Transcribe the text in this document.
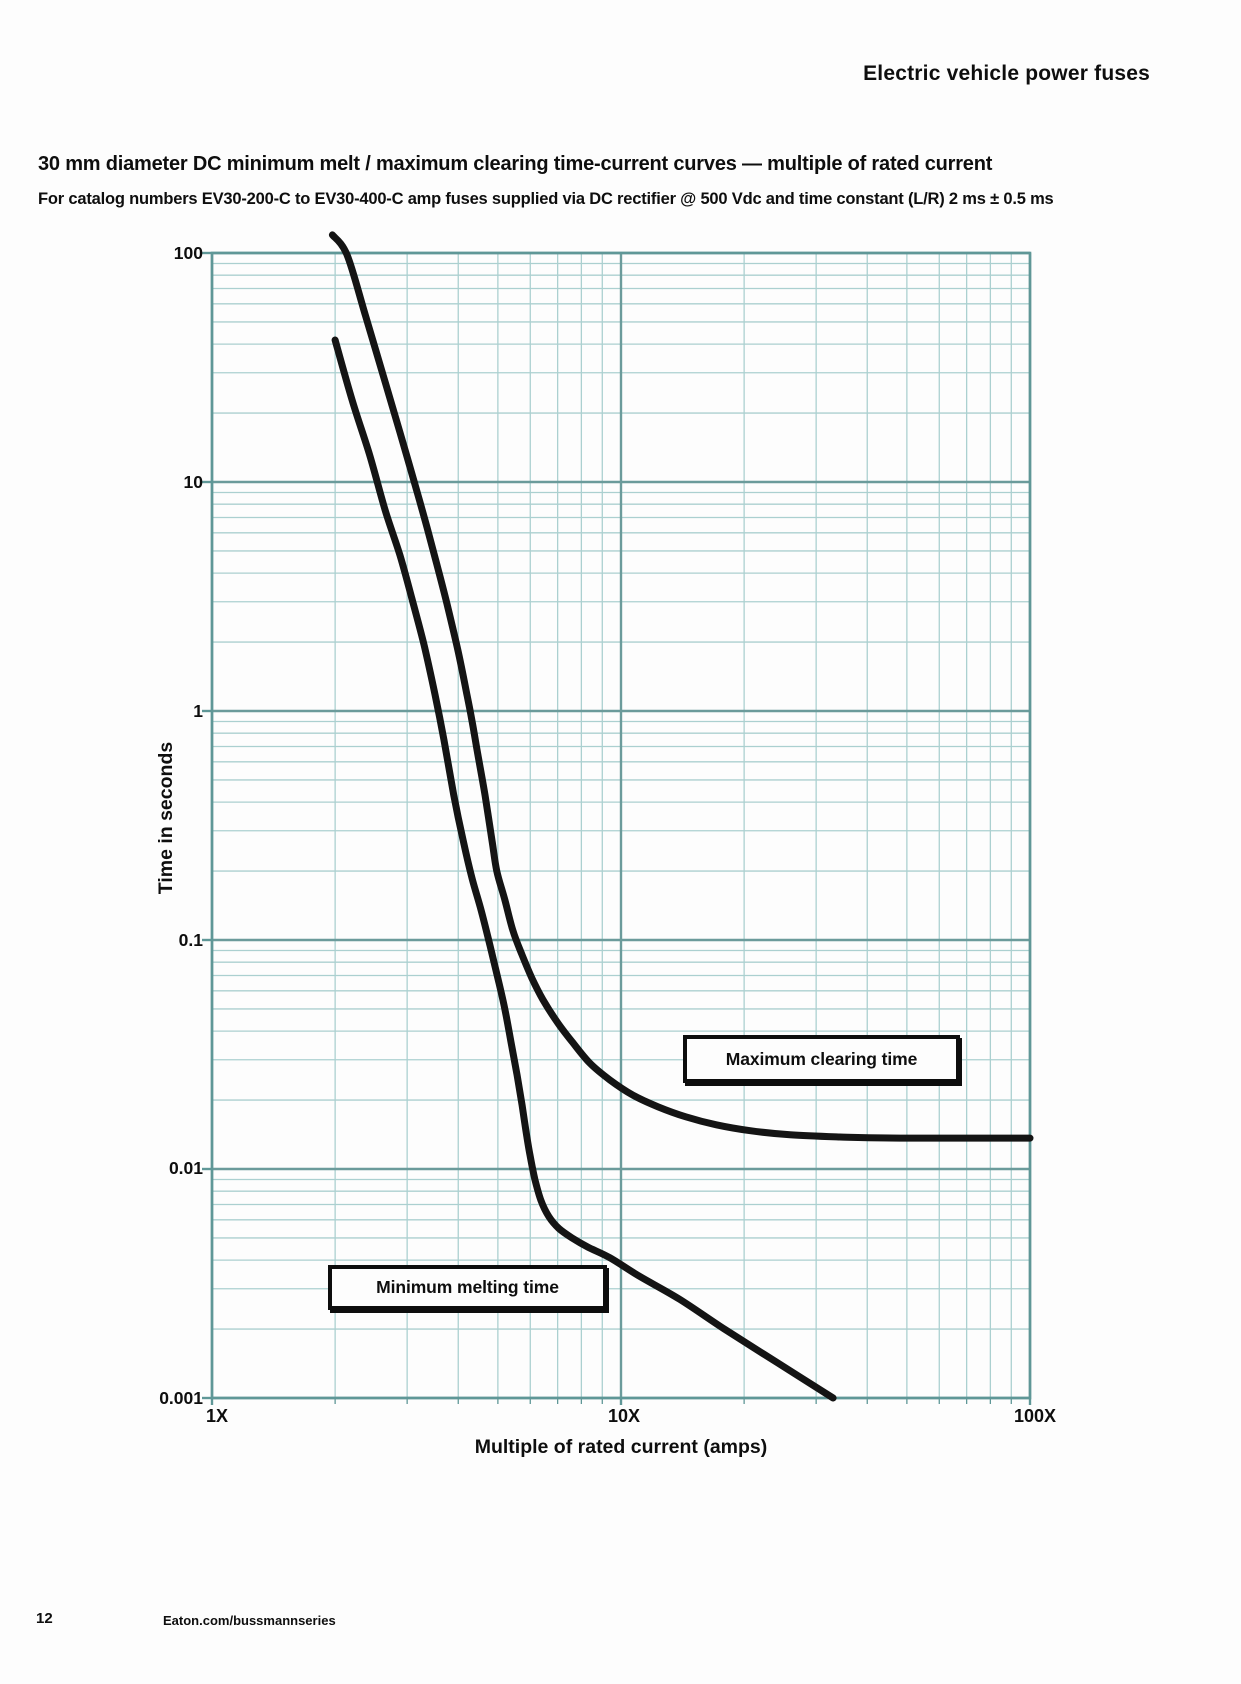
Electric vehicle power fuses
30 mm diameter DC minimum melt / maximum clearing time-current curves — multiple of rated current
For catalog numbers EV30-200-C to EV30-400-C amp fuses supplied via DC rectifier @ 500 Vdc and time constant (L/R) 2 ms ± 0.5 ms
100
10
1
0.1
0.01
0.001
Time in seconds
1X	10X	100X
Multiple of rated current (amps)
Maximum clearing time
Minimum melting time
12	Eaton.com/bussmannseries
